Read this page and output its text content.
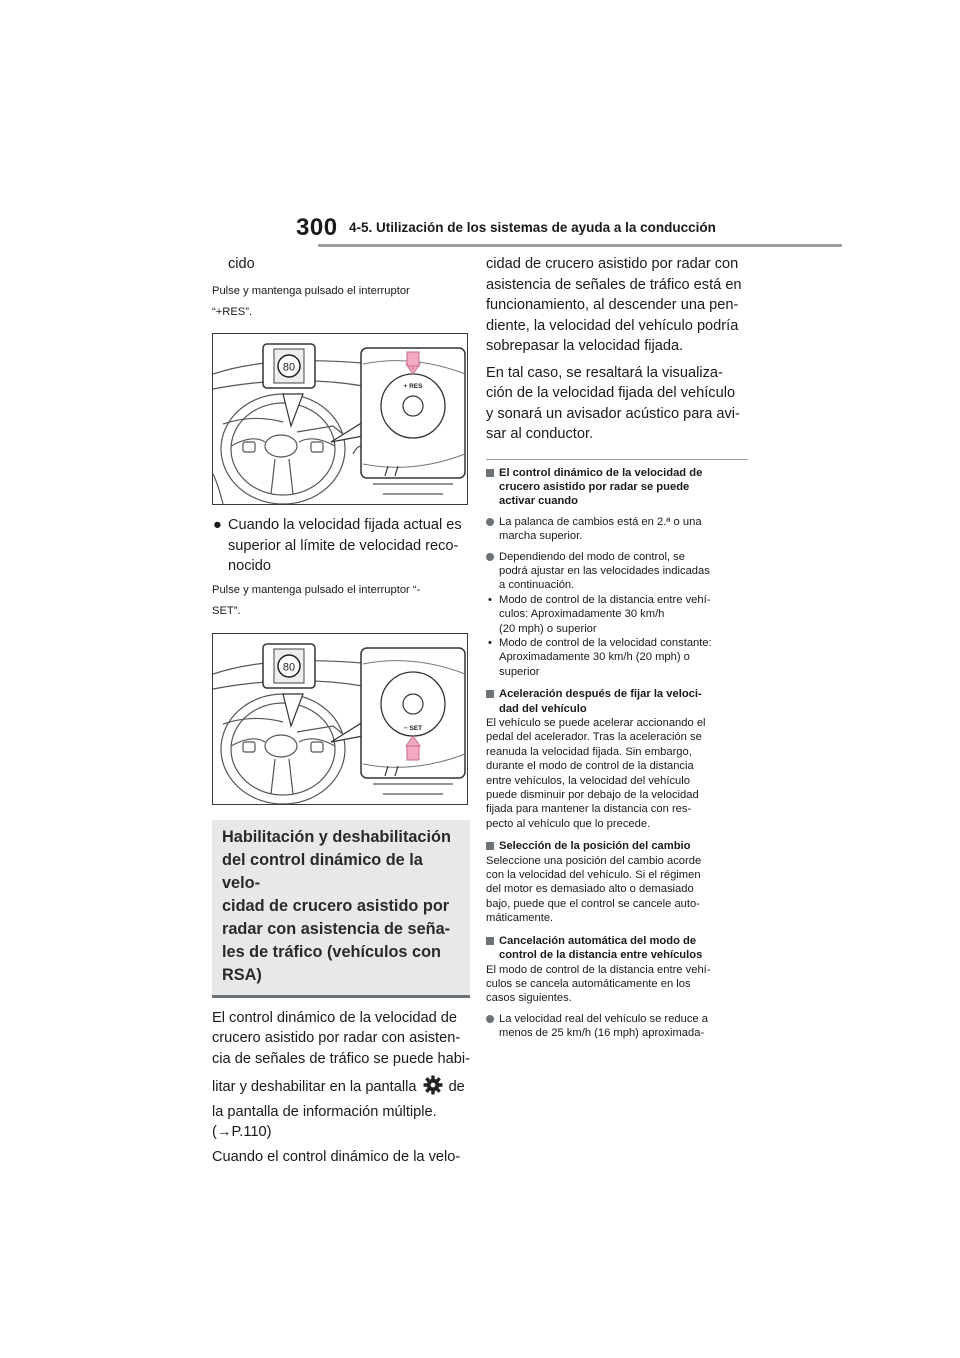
300 4-5. Utilización de los sistemas de ayuda a la conducción

cido

Pulse y mantenga pulsado el interruptor

“+RES”.

80
+ RES
● Cuando la velocidad fijada actual es

superior al límite de velocidad reco-

nocido

Pulse y mantenga pulsado el interruptor “-

SET”.

80
− SET
Habilitación y deshabilitación
del control dinámico de la velo-
cidad de crucero asistido por
radar con asistencia de seña-
les de tráfico (vehículos con
RSA)

El control dinámico de la velocidad de

crucero asistido por radar con asisten-

cia de señales de tráfico se puede habi-

litar y deshabilitar en la pantalla de

la pantalla de información múltiple.

(→P.110)

Cuando el control dinámico de la velo-

cidad de crucero asistido por radar con

asistencia de señales de tráfico está en

funcionamiento, al descender una pen-

diente, la velocidad del vehículo podría

sobrepasar la velocidad fijada.

En tal caso, se resaltará la visualiza-

ción de la velocidad fijada del vehículo

y sonará un avisador acústico para avi-

sar al conductor.

El control dinámico de la velocidad de
crucero asistido por radar se puede
activar cuando
La palanca de cambios está en 2.ª o una
marcha superior.
Dependiendo del modo de control, se
podrá ajustar en las velocidades indicadas
a continuación.
• Modo de control de la distancia entre vehí-
culos: Aproximadamente 30 km/h
(20 mph) o superior
• Modo de control de la velocidad constante:
Aproximadamente 30 km/h (20 mph) o
superior
Aceleración después de fijar la veloci-
dad del vehículo

El vehículo se puede acelerar accionando el

pedal del acelerador. Tras la aceleración se

reanuda la velocidad fijada. Sin embargo,

durante el modo de control de la distancia

entre vehículos, la velocidad del vehículo

puede disminuir por debajo de la velocidad

fijada para mantener la distancia con res-

pecto al vehículo que lo precede.

Selección de la posición del cambio

Seleccione una posición del cambio acorde

con la velocidad del vehículo. Si el régimen

del motor es demasiado alto o demasiado

bajo, puede que el control se cancele auto-

máticamente.

Cancelación automática del modo de
control de la distancia entre vehículos

El modo de control de la distancia entre vehí-

culos se cancela automáticamente en los

casos siguientes.

La velocidad real del vehículo se reduce a
menos de 25 km/h (16 mph) aproximada-
